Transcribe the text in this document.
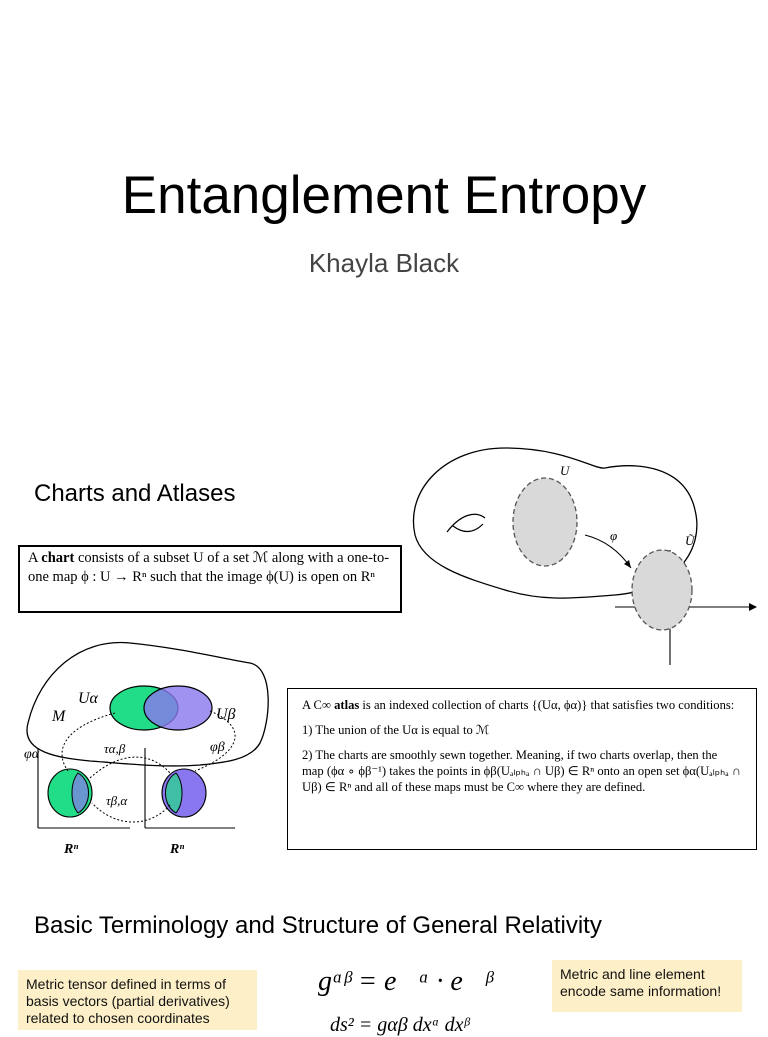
Entanglement Entropy
Khayla Black
Charts and Atlases
A chart consists of a subset U of a set ℳ along with a one-to-one map ϕ : U → Rⁿ such that the image ϕ(U) is open on Rⁿ
U
φ	Ũ
Uα
Uβ
M
φα	φβ
τα,β
τβ,α
Rⁿ	Rⁿ

A C∞ atlas is an indexed collection of charts {(Uα, ϕα)} that satisfies two conditions:

1) The union of the Uα is equal to ℳ

2) The charts are smoothly sewn together. Meaning, if two charts overlap, then the map (ϕα ∘ ϕβ⁻¹) takes the points in ϕβ(Uₐₗₚₕₐ ∩ Uβ) ∈ Rⁿ onto an open set ϕα(Uₐₗₚₕₐ ∩ Uβ) ∈ Rⁿ and all of these maps must be C∞ where they are defined.

Basic Terminology and Structure of General Relativity
Metric tensor defined in terms of basis vectors (partial derivatives) related to chosen coordinates
gᵅᵝ = e⃗ᵅ · e⃗ᵝ
ds² = gαβ dxᵅ dxᵝ
Metric and line element encode same information!
